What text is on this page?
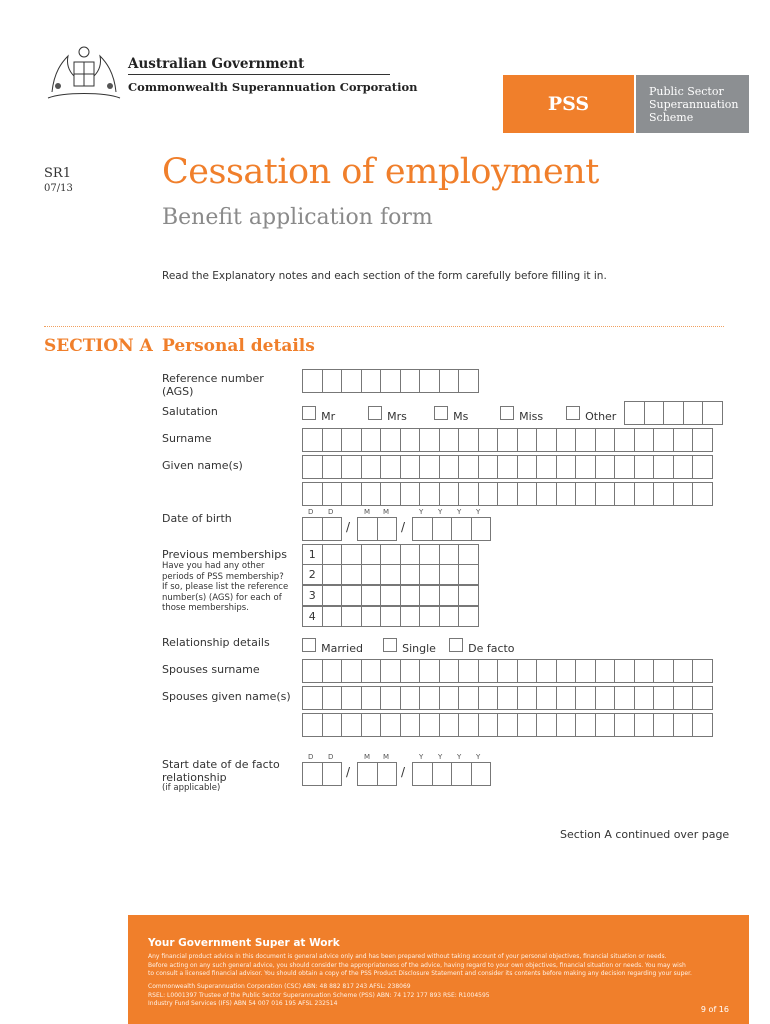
Australian Government
Commonwealth Superannuation Corporation
PSS
Public Sector
Superannuation
Scheme
SR1
07/13	Cessation of employment
Benefit application form
Read the Explanatory notes and each section of the form carefully before filling it in.
SECTION A Personal details
Reference number
(AGS)
Salutation	Mr	Mrs	Ms	Miss	Other
Surname
Given name(s)
Date of birth	D D	M M	Y Y Y Y
/	/
Previous memberships
Have you had any other
periods of PSS membership?
If so, please list the reference
number(s) (AGS) for each of
those memberships.
1
2
3
4
Relationship details	Married	Single	De facto
Spouses surname
Spouses given name(s)
Start date of de facto
relationship
(if applicable)
D D	M M	Y Y Y Y
/	/
Section A continued over page
Your Government Super at Work
Any financial product advice in this document is general advice only and has been prepared without taking account of your personal objectives, financial situation or needs.
Before acting on any such general advice, you should consider the appropriateness of the advice, having regard to your own objectives, financial situation or needs. You may wish
to consult a licensed financial advisor. You should obtain a copy of the PSS Product Disclosure Statement and consider its contents before making any decision regarding your super.
Commonwealth Superannuation Corporation (CSC) ABN: 48 882 817 243 AFSL: 238069
RSEL: L0001397 Trustee of the Public Sector Superannuation Scheme (PSS) ABN: 74 172 177 893 RSE: R1004595
Industry Fund Services (IFS) ABN 54 007 016 195 AFSL 232514
9 of 16
